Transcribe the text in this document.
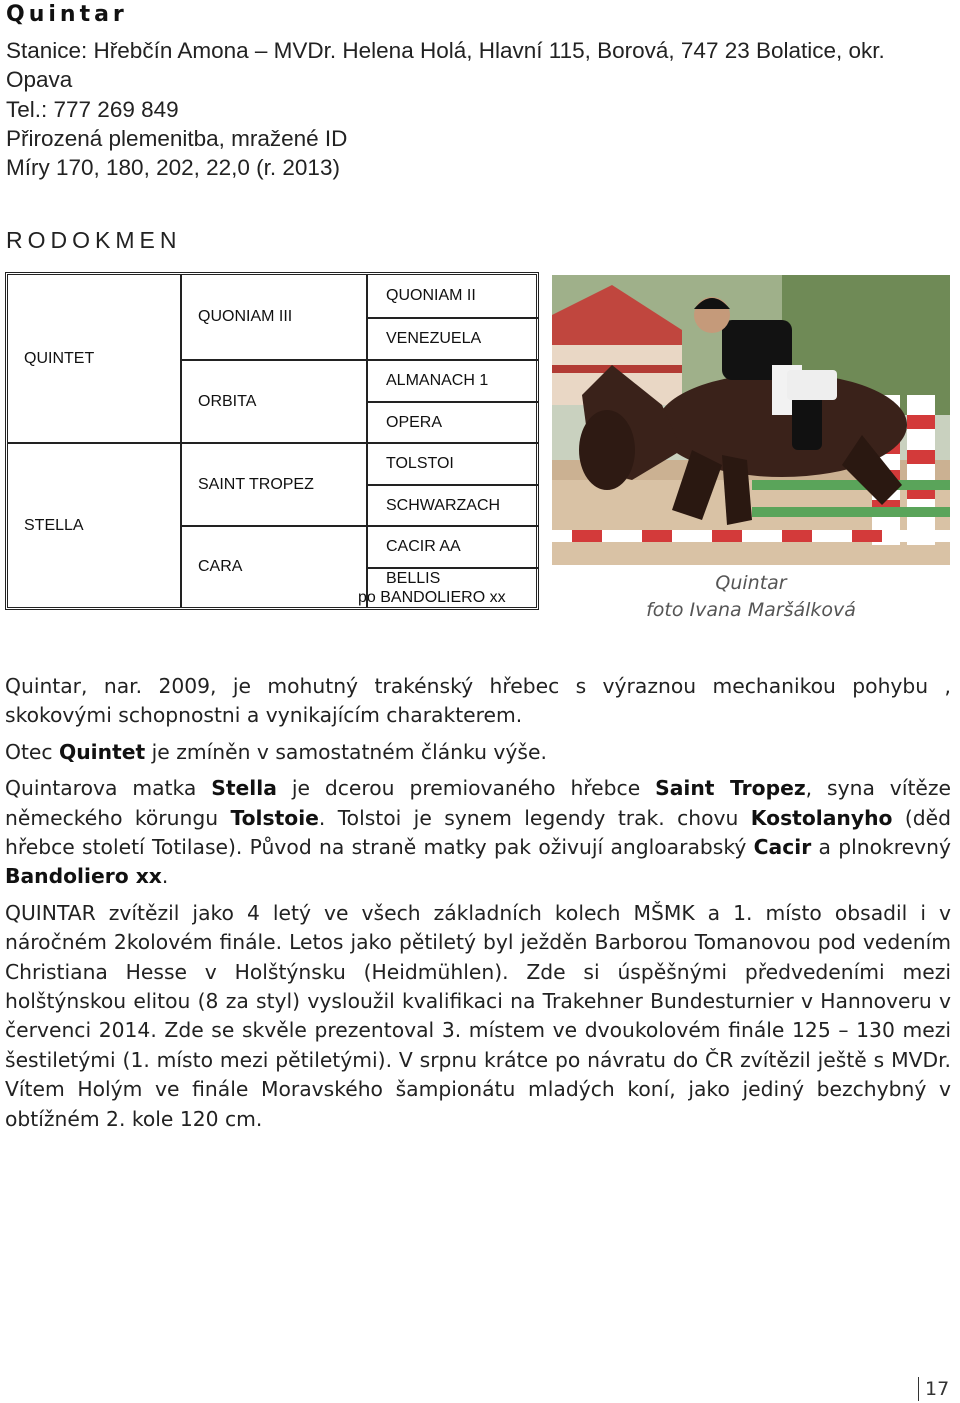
Quintar
Stanice: Hřebčín Amona – MVDr. Helena Holá, Hlavní 115, Borová, 747 23 Bolatice, okr.
Opava
Tel.: 777 269 849
Přirozená plemenitba, mražené ID
Míry 170, 180, 202, 22,0 (r. 2013)
RODOKMEN
QUINTET
STELLA
QUONIAM III
ORBITA
SAINT TROPEZ
CARA
QUONIAM II
VENEZUELA
ALMANACH 1
OPERA
TOLSTOI
SCHWARZACH
CACIR AA
BELLIS
po BANDOLIERO xx
Quintar
foto Ivana Maršálková

Quintar, nar. 2009, je mohutný trakénský hřebec s výraznou mechanikou pohybu , skokovými schopnostni a vynikajícím charakterem.

Otec Quintet je zmíněn v samostatném článku výše.

Quintarova matka Stella je dcerou premiovaného hřebce Saint Tropez, syna vítěze německého körungu Tolstoie. Tolstoi je synem legendy trak. chovu Kostolanyho (děd hřebce století Totilase). Původ na straně matky pak oživují angloarabský Cacir a plnokrevný Bandoliero xx.

QUINTAR zvítězil jako 4 letý ve všech základních kolech MŠMK a 1. místo obsadil i v náročném 2kolovém finále. Letos jako pětiletý byl ježděn Barborou Tomanovou pod vedením Christiana Hesse v Holštýnsku (Heidmühlen). Zde si úspěšnými předvedeními mezi holštýnskou elitou (8 za styl) vysloužil kvalifikaci na Trakehner Bundesturnier v Hannoveru v červenci 2014. Zde se skvěle prezentoval 3. místem ve dvoukolovém finále 125 – 130 mezi šestiletými (1. místo mezi pětiletými). V srpnu krátce po návratu do ČR zvítězil ještě s MVDr. Vítem Holým ve finále Moravského šampionátu mladých koní, jako jediný bezchybný v obtížném 2. kole 120 cm.

17
